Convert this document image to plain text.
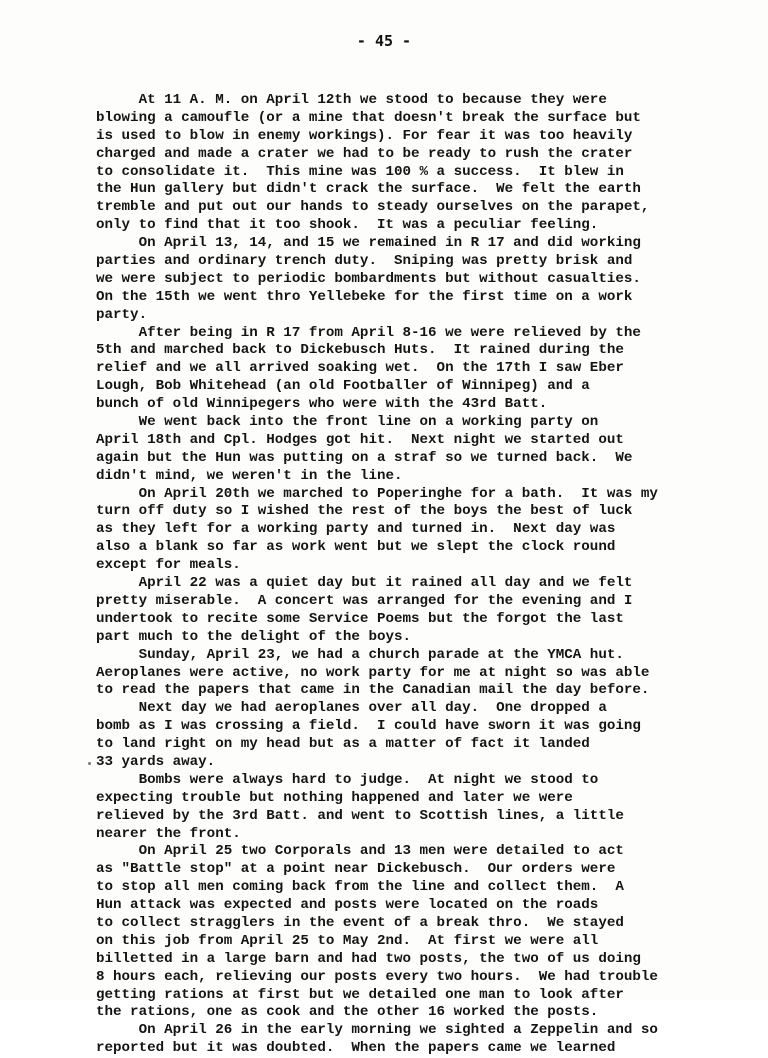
- 45 -
At 11 A. M. on April 12th we stood to because they were
blowing a camoufle (or a mine that doesn't break the surface but
is used to blow in enemy workings). For fear it was too heavily
charged and made a crater we had to be ready to rush the crater
to consolidate it.  This mine was 100 % a success.  It blew in
the Hun gallery but didn't crack the surface.  We felt the earth
tremble and put out our hands to steady ourselves on the parapet,
only to find that it too shook.  It was a peculiar feeling.
On April 13, 14, and 15 we remained in R 17 and did working
parties and ordinary trench duty.  Sniping was pretty brisk and
we were subject to periodic bombardments but without casualties.
On the 15th we went thro Yellebeke for the first time on a work
party.
After being in R 17 from April 8-16 we were relieved by the
5th and marched back to Dickebusch Huts.  It rained during the
relief and we all arrived soaking wet.  On the 17th I saw Eber
Lough, Bob Whitehead (an old Footballer of Winnipeg) and a
bunch of old Winnipegers who were with the 43rd Batt.
We went back into the front line on a working party on
April 18th and Cpl. Hodges got hit.  Next night we started out
again but the Hun was putting on a straf so we turned back.  We
didn't mind, we weren't in the line.
On April 20th we marched to Poperinghe for a bath.  It was my
turn off duty so I wished the rest of the boys the best of luck
as they left for a working party and turned in.  Next day was
also a blank so far as work went but we slept the clock round
except for meals.
April 22 was a quiet day but it rained all day and we felt
pretty miserable.  A concert was arranged for the evening and I
undertook to recite some Service Poems but the forgot the last
part much to the delight of the boys.
Sunday, April 23, we had a church parade at the YMCA hut.
Aeroplanes were active, no work party for me at night so was able
to read the papers that came in the Canadian mail the day before.
Next day we had aeroplanes over all day.  One dropped a
bomb as I was crossing a field.  I could have sworn it was going
to land right on my head but as a matter of fact it landed
33 yards away.
Bombs were always hard to judge.  At night we stood to
expecting trouble but nothing happened and later we were
relieved by the 3rd Batt. and went to Scottish lines, a little
nearer the front.
On April 25 two Corporals and 13 men were detailed to act
as "Battle stop" at a point near Dickebusch.  Our orders were
to stop all men coming back from the line and collect them.  A
Hun attack was expected and posts were located on the roads
to collect stragglers in the event of a break thro.  We stayed
on this job from April 25 to May 2nd.  At first we were all
billetted in a large barn and had two posts, the two of us doing
8 hours each, relieving our posts every two hours.  We had trouble
getting rations at first but we detailed one man to look after
the rations, one as cook and the other 16 worked the posts.
On April 26 in the early morning we sighted a Zeppelin and so
reported but it was doubted.  When the papers came we learned
